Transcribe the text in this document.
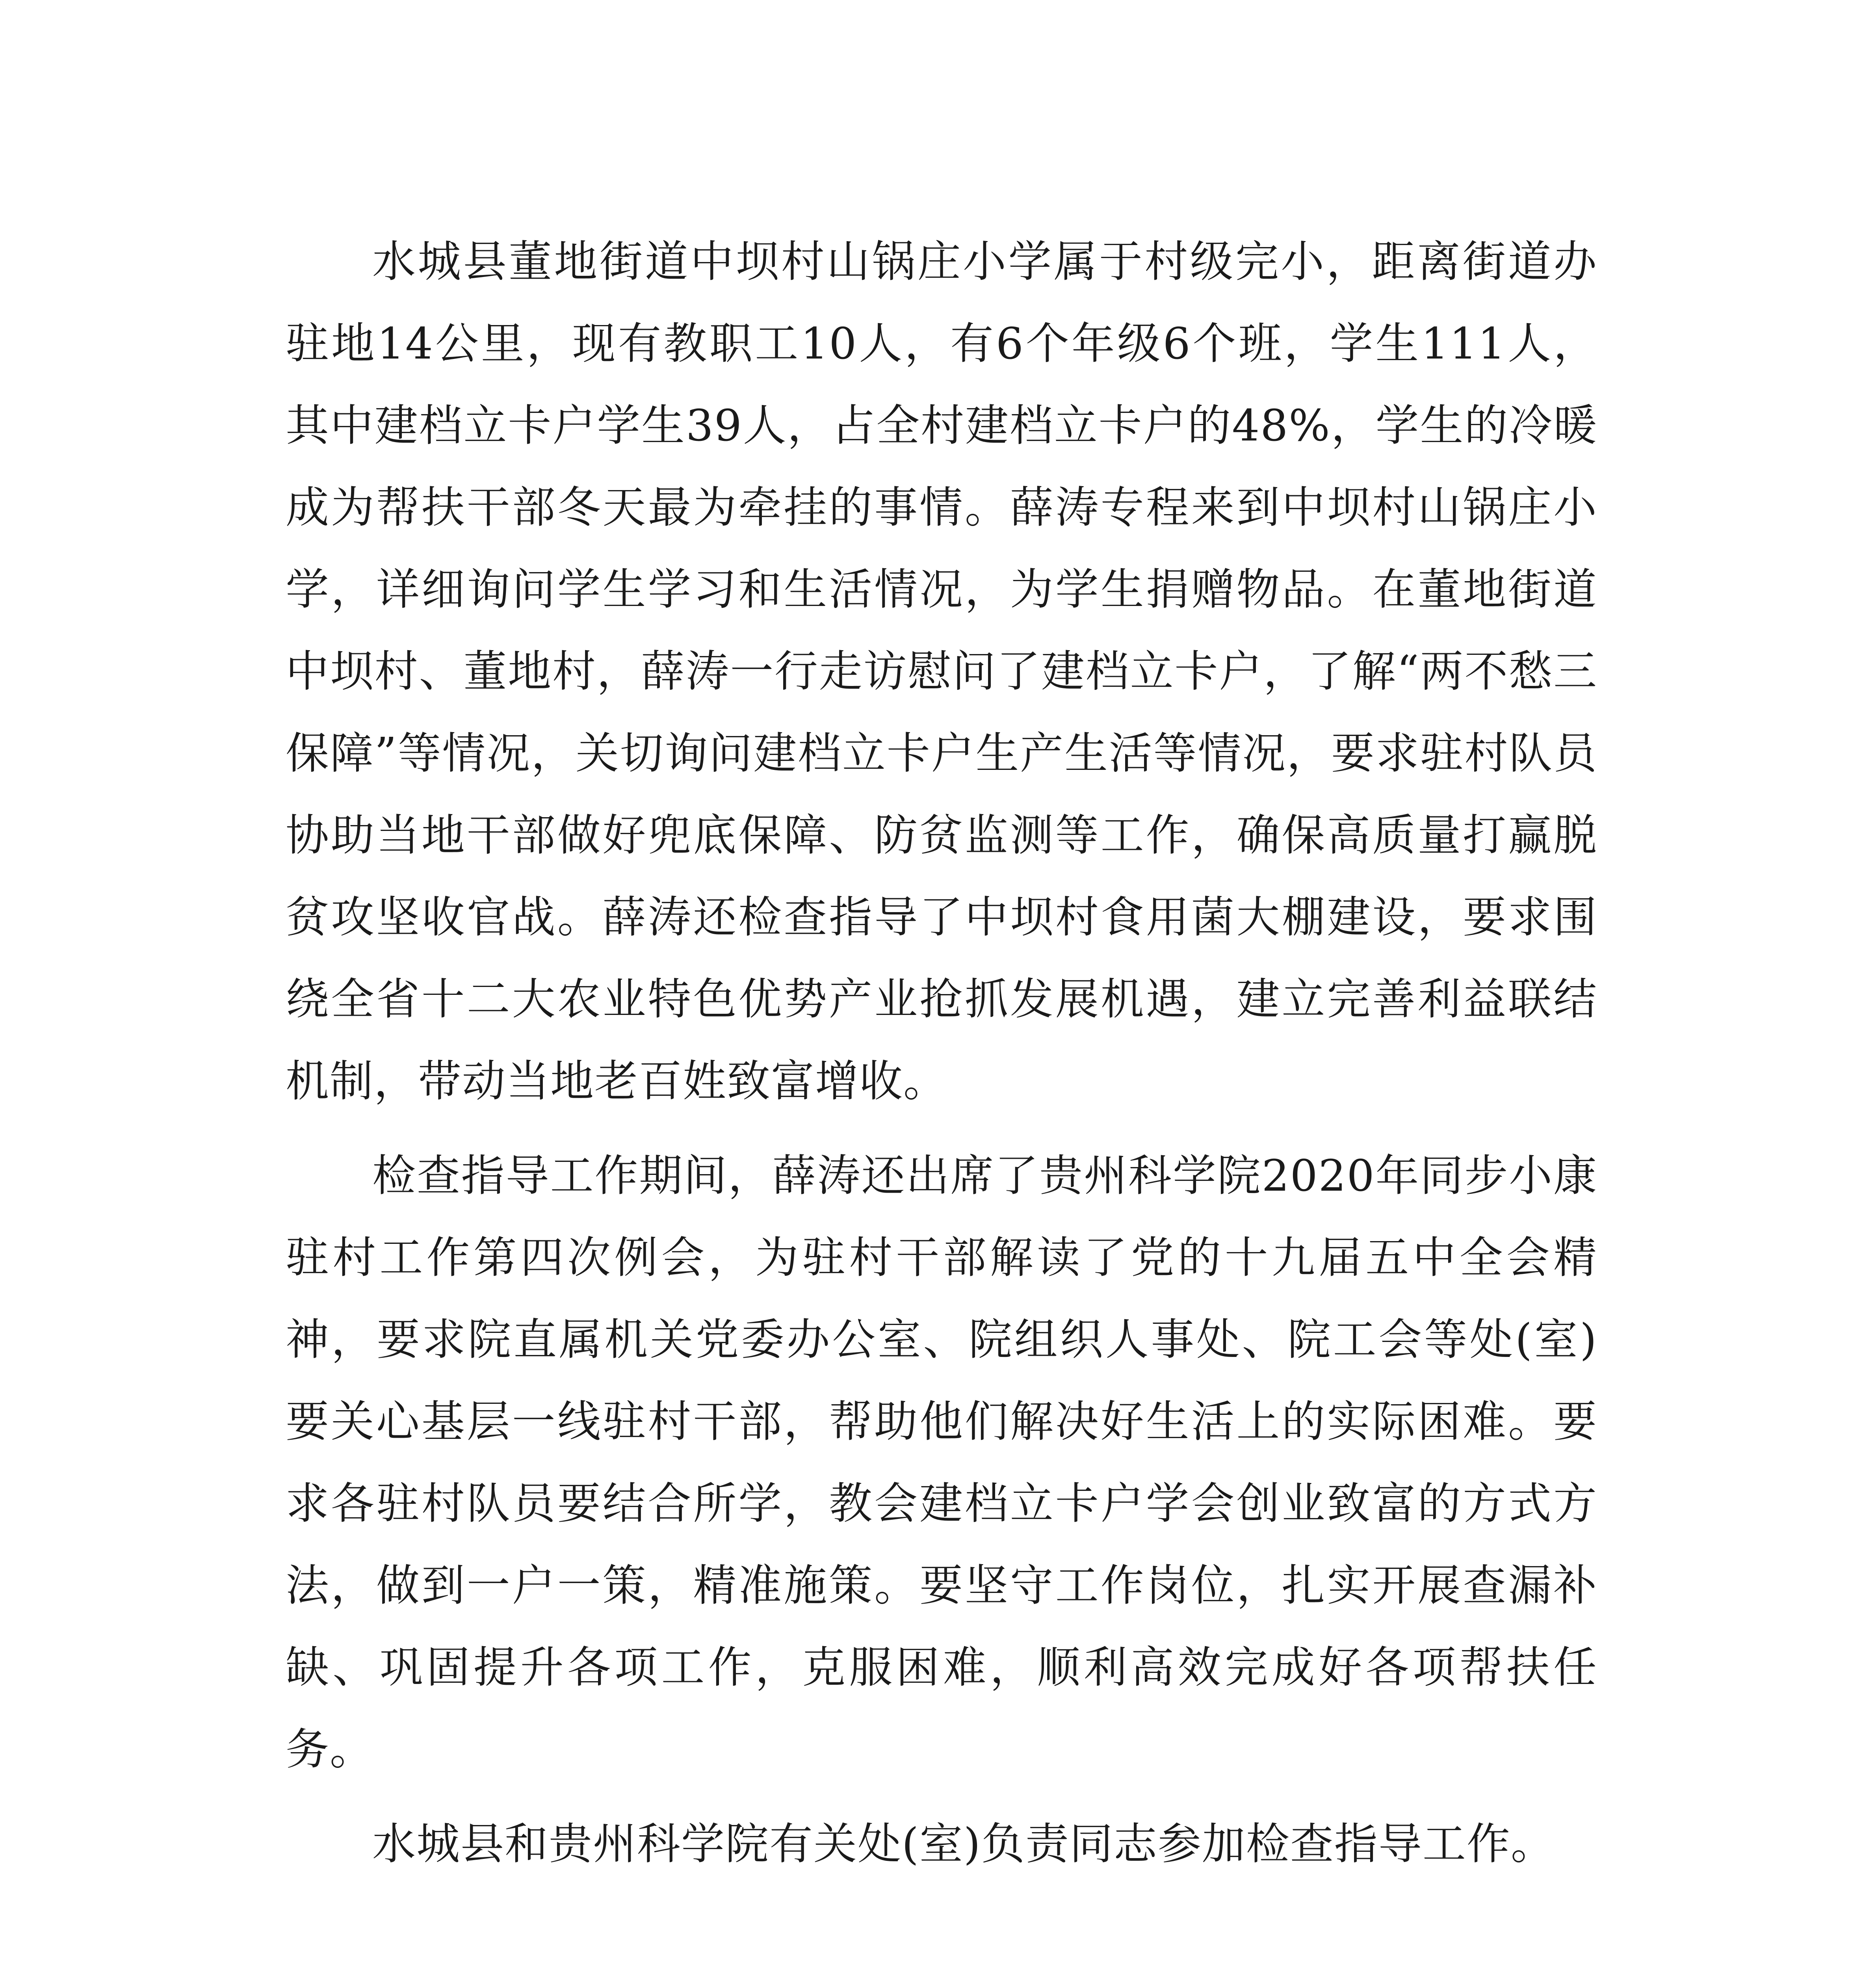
水城县董地街道中坝村山锅庄小学属于村级完小，距离街道办驻地14公里，现有教职工10人，有6个年级6个班，学生111人，其中建档立卡户学生39人，占全村建档立卡户的48%，学生的冷暖成为帮扶干部冬天最为牵挂的事情。薛涛专程来到中坝村山锅庄小学，详细询问学生学习和生活情况，为学生捐赠物品。在董地街道中坝村、董地村，薛涛一行走访慰问了建档立卡户，了解“两不愁三保障”等情况，关切询问建档立卡户生产生活等情况，要求驻村队员协助当地干部做好兜底保障、防贫监测等工作，确保高质量打赢脱贫攻坚收官战。薛涛还检查指导了中坝村食用菌大棚建设，要求围绕全省十二大农业特色优势产业抢抓发展机遇，建立完善利益联结机制，带动当地老百姓致富增收。

检查指导工作期间，薛涛还出席了贵州科学院2020年同步小康驻村工作第四次例会，为驻村干部解读了党的十九届五中全会精神，要求院直属机关党委办公室、院组织人事处、院工会等处(室)要关心基层一线驻村干部，帮助他们解决好生活上的实际困难。要求各驻村队员要结合所学，教会建档立卡户学会创业致富的方式方法，做到一户一策，精准施策。要坚守工作岗位，扎实开展查漏补缺、巩固提升各项工作，克服困难，顺利高效完成好各项帮扶任务。

水城县和贵州科学院有关处(室)负责同志参加检查指导工作。
